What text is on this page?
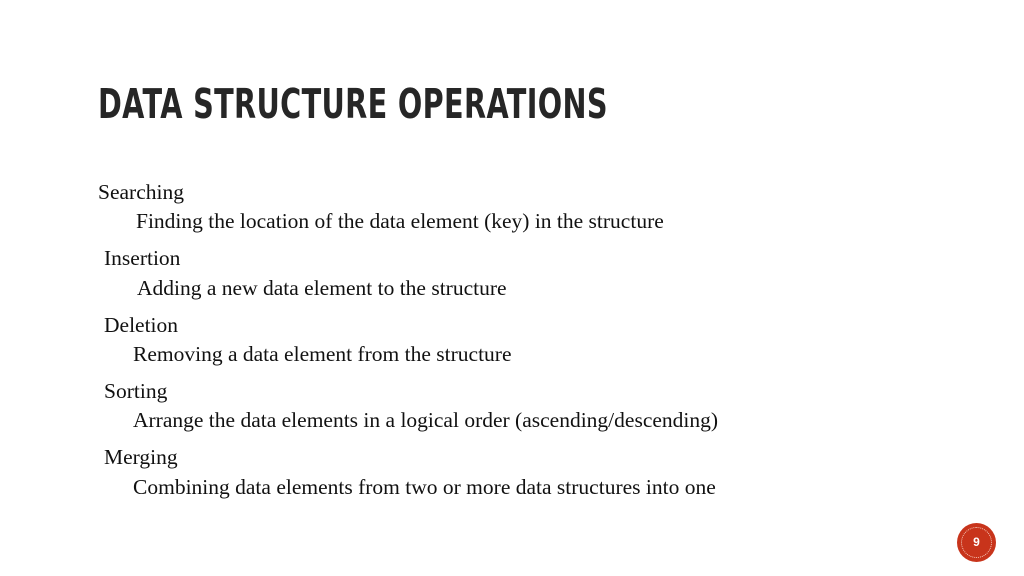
DATA STRUCTURE OPERATIONS
Searching
Finding the location of the data element (key) in the structure
Insertion
Adding a new data element to the structure
Deletion
Removing a data element from the structure
Sorting
Arrange the data elements in a logical order (ascending/descending)
Merging
Combining data elements from two or more data structures into one
9
